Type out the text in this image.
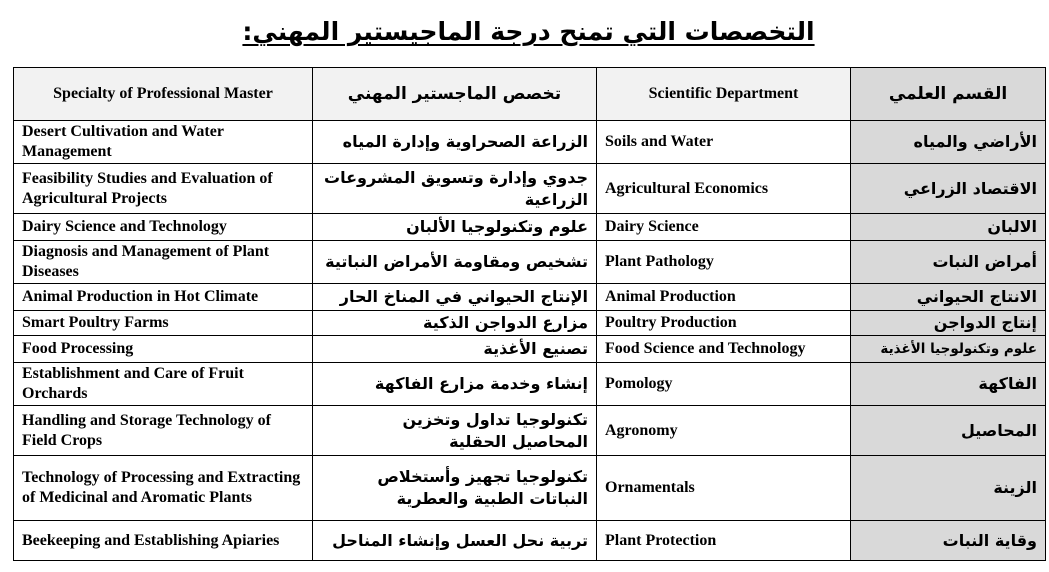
التخصصات التي تمنح درجة الماجيستير المهني:
Specialty of Professional Master	تخصص الماجستير المهني	Scientific Department	القسم العلمي
Desert Cultivation and Water Management	الزراعة الصحراوية وإدارة المياه	Soils and Water	الأراضي والمياه
Feasibility Studies and Evaluation of Agricultural Projects	جدوي وإدارة وتسويق المشروعات الزراعية	Agricultural Economics	الاقتصاد الزراعي
Dairy Science and Technology	علوم وتكنولوجيا الألبان	Dairy Science	الالبان
Diagnosis and Management of Plant Diseases	تشخيص ومقاومة الأمراض النباتية	Plant Pathology	أمراض النبات
Animal Production in Hot Climate	الإنتاج الحيواني في المناخ الحار	Animal Production	الانتاج الحيواني
Smart Poultry Farms	مزارع الدواجن الذكية	Poultry Production	إنتاج الدواجن
Food Processing	تصنيع الأغذية	Food Science and Technology	علوم وتكنولوجيا الأغذية
Establishment and Care of Fruit Orchards	إنشاء وخدمة مزارع الفاكهة	Pomology	الفاكهة
Handling and Storage Technology of Field Crops	تكنولوجيا تداول وتخزين المحاصيل الحقلية	Agronomy	المحاصيل
Technology of Processing and Extracting of Medicinal and Aromatic Plants	تكنولوجيا تجهيز وأستخلاص النباتات الطبية والعطرية	Ornamentals	الزينة
Beekeeping and Establishing Apiaries	تربية نحل العسل وإنشاء المناحل	Plant Protection	وقاية النبات
